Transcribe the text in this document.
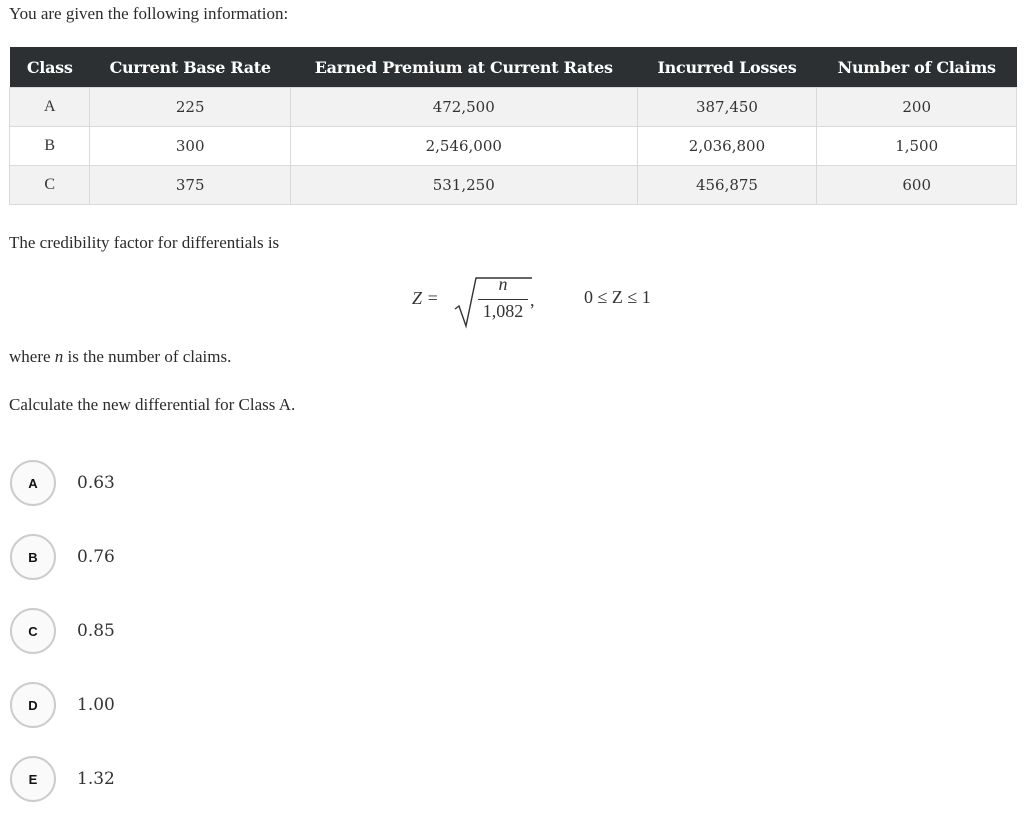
You are given the following information:
Class	Current Base Rate	Earned Premium at Current Rates	Incurred Losses	Number of Claims
A	225	472,500	387,450	200
B	300	2,546,000	2,036,800	1,500
C	375	531,250	456,875	600
The credibility factor for differentials is
Z =
n
1,082
,	0 ≤ Z ≤ 1
where n is the number of claims.
Calculate the new differential for Class A.
A	0.63
B	0.76
C	0.85
D	1.00
E	1.32
